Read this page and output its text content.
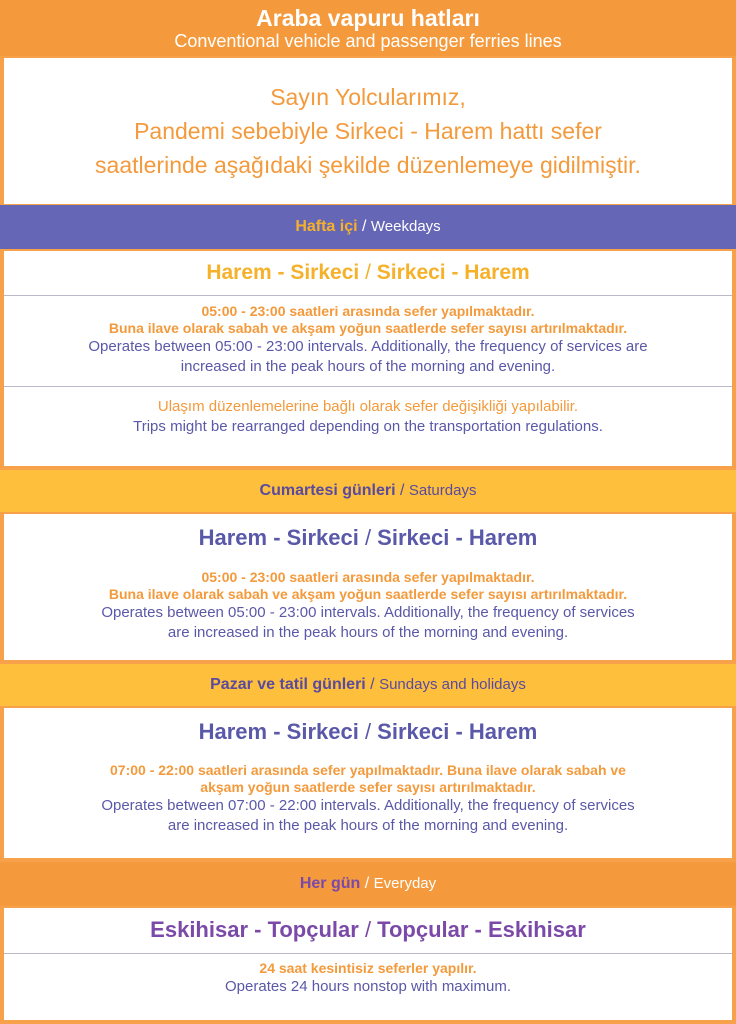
Araba vapuru hatları
Conventional vehicle and passenger ferries lines
Sayın Yolcularımız,
Pandemi sebebiyle Sirkeci - Harem hattı sefer
saatlerinde aşağıdaki şekilde düzenlemeye gidilmiştir.
Hafta içi / Weekdays
Harem - Sirkeci / Sirkeci - Harem
05:00 - 23:00 saatleri arasında sefer yapılmaktadır.
Buna ilave olarak sabah ve akşam yoğun saatlerde sefer sayısı artırılmaktadır.
Operates between 05:00 - 23:00 intervals. Additionally, the frequency of services are
increased in the peak hours of the morning and evening.
Ulaşım düzenlemelerine bağlı olarak sefer değişikliği yapılabilir.
Trips might be rearranged depending on the transportation regulations.
Cumartesi günleri / Saturdays
Harem - Sirkeci / Sirkeci - Harem
05:00 - 23:00 saatleri arasında sefer yapılmaktadır.
Buna ilave olarak sabah ve akşam yoğun saatlerde sefer sayısı artırılmaktadır.
Operates between 05:00 - 23:00 intervals. Additionally, the frequency of services
are increased in the peak hours of the morning and evening.
Pazar ve tatil günleri / Sundays and holidays
Harem - Sirkeci / Sirkeci - Harem
07:00 - 22:00 saatleri arasında sefer yapılmaktadır. Buna ilave olarak sabah ve
akşam yoğun saatlerde sefer sayısı artırılmaktadır.
Operates between 07:00 - 22:00 intervals. Additionally, the frequency of services
are increased in the peak hours of the morning and evening.
Her gün / Everyday
Eskihisar - Topçular / Topçular - Eskihisar
24 saat kesintisiz seferler yapılır.
Operates 24 hours nonstop with maximum.
